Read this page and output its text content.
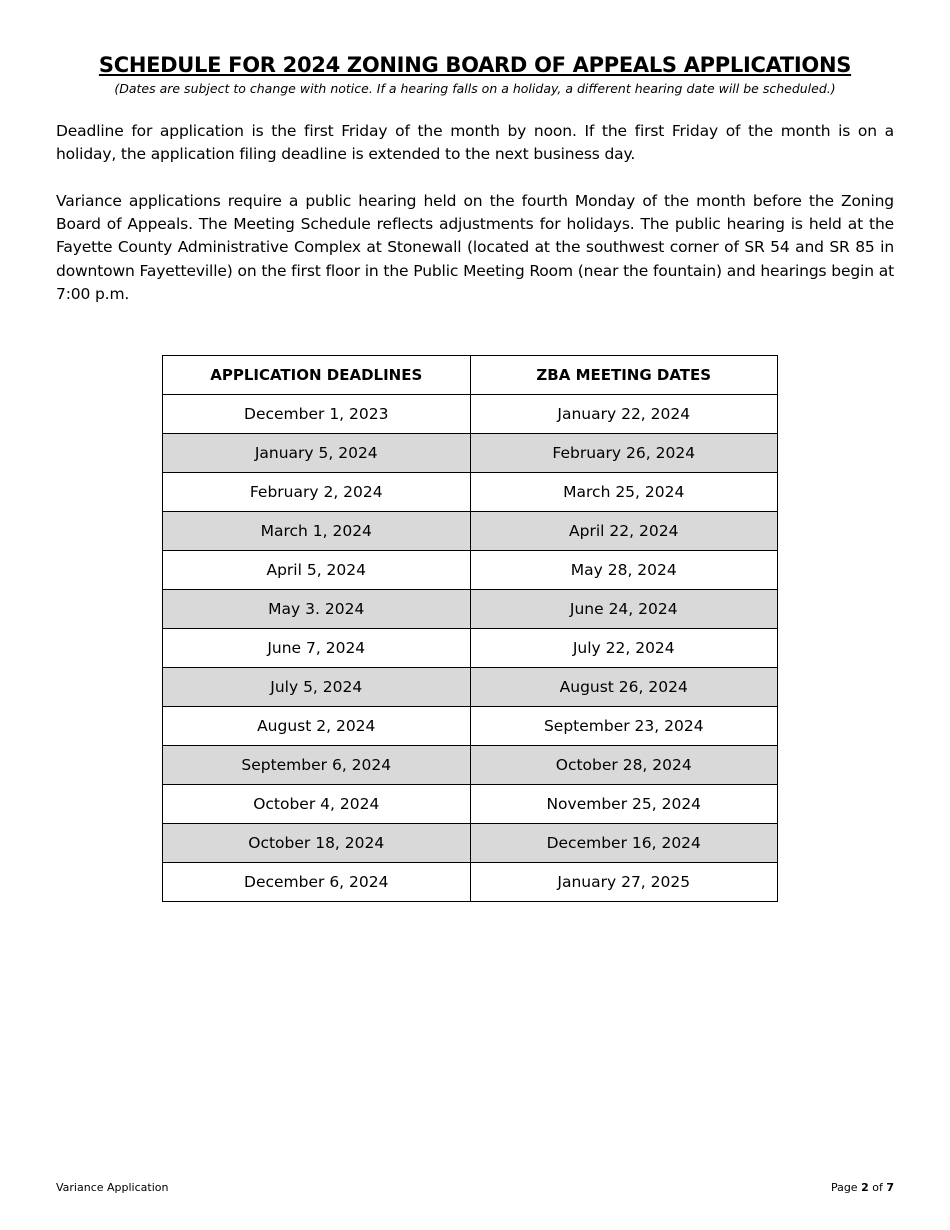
SCHEDULE FOR 2024 ZONING BOARD OF APPEALS APPLICATIONS
(Dates are subject to change with notice. If a hearing falls on a holiday, a different hearing date will be scheduled.)
Deadline for application is the first Friday of the month by noon. If the first Friday of the month is on a holiday, the application filing deadline is extended to the next business day.
Variance applications require a public hearing held on the fourth Monday of the month before the Zoning Board of Appeals. The Meeting Schedule reflects adjustments for holidays. The public hearing is held at the Fayette County Administrative Complex at Stonewall (located at the southwest corner of SR 54 and SR 85 in downtown Fayetteville) on the first floor in the Public Meeting Room (near the fountain) and hearings begin at 7:00 p.m.
APPLICATION DEADLINES	ZBA MEETING DATES
December 1, 2023	January 22, 2024
January 5, 2024	February 26, 2024
February 2, 2024	March 25, 2024
March 1, 2024	April 22, 2024
April 5, 2024	May 28, 2024
May 3. 2024	June 24, 2024
June 7, 2024	July 22, 2024
July 5, 2024	August 26, 2024
August 2, 2024	September 23, 2024
September 6, 2024	October 28, 2024
October 4, 2024	November 25, 2024
October 18, 2024	December 16, 2024
December 6, 2024	January 27, 2025
Variance Application	Page 2 of 7
